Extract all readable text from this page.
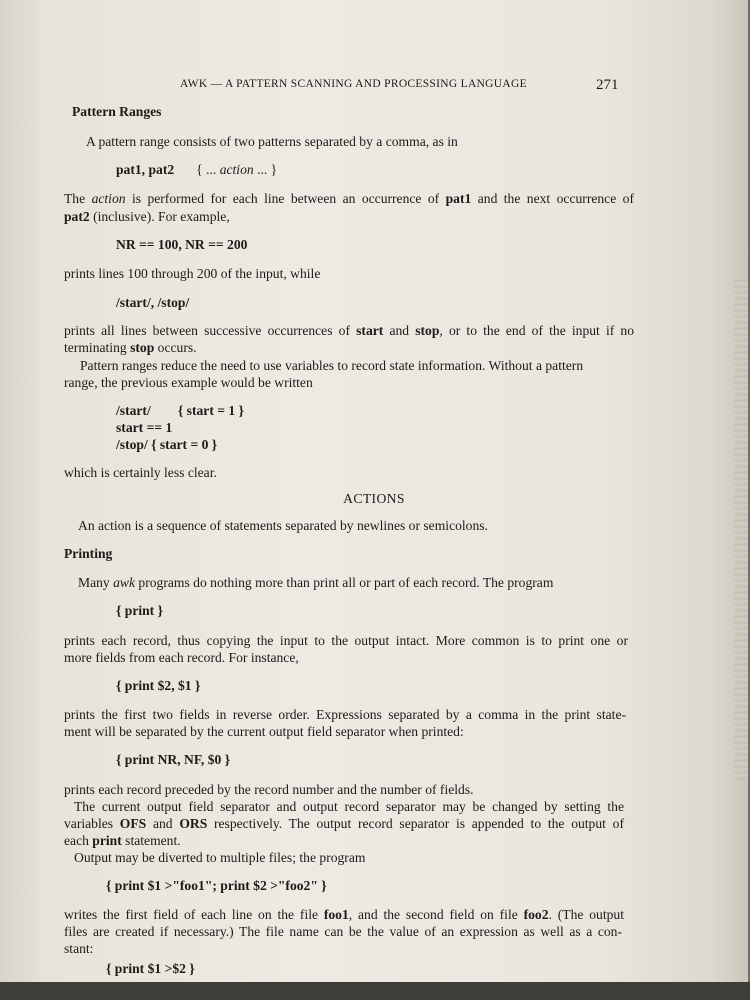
AWK — A PATTERN SCANNING AND PROCESSING LANGUAGE	271
Pattern Ranges

A pattern range consists of two patterns separated by a comma, as in

pat1, pat2 { ... action ... }

The action is performed for each line between an occurrence of pat1 and the next occurrence of

pat2 (inclusive). For example,

NR == 100, NR == 200

prints lines 100 through 200 of the input, while

/start/, /stop/

prints all lines between successive occurrences of start and stop, or to the end of the input if no

terminating stop occurs.

Pattern ranges reduce the need to use variables to record state information. Without a pattern

range, the previous example would be written

/start/        { start = 1 }

start == 1

/stop/ { start = 0 }

which is certainly less clear.

ACTIONS

An action is a sequence of statements separated by newlines or semicolons.

Printing

Many awk programs do nothing more than print all or part of each record. The program

{ print }

prints each record, thus copying the input to the output intact. More common is to print one or

more fields from each record. For instance,

{ print $2, $1 }

prints the first two fields in reverse order. Expressions separated by a comma in the print state-

ment will be separated by the current output field separator when printed:

{ print NR, NF, $0 }

prints each record preceded by the record number and the number of fields.

The current output field separator and output record separator may be changed by setting the

variables OFS and ORS respectively. The output record separator is appended to the output of

each print statement.

Output may be diverted to multiple files; the program

{ print $1 >"foo1"; print $2 >"foo2" }

writes the first field of each line on the file foo1, and the second field on file foo2. (The output

files are created if necessary.) The file name can be the value of an expression as well as a con-

stant:

{ print $1 >$2 }
